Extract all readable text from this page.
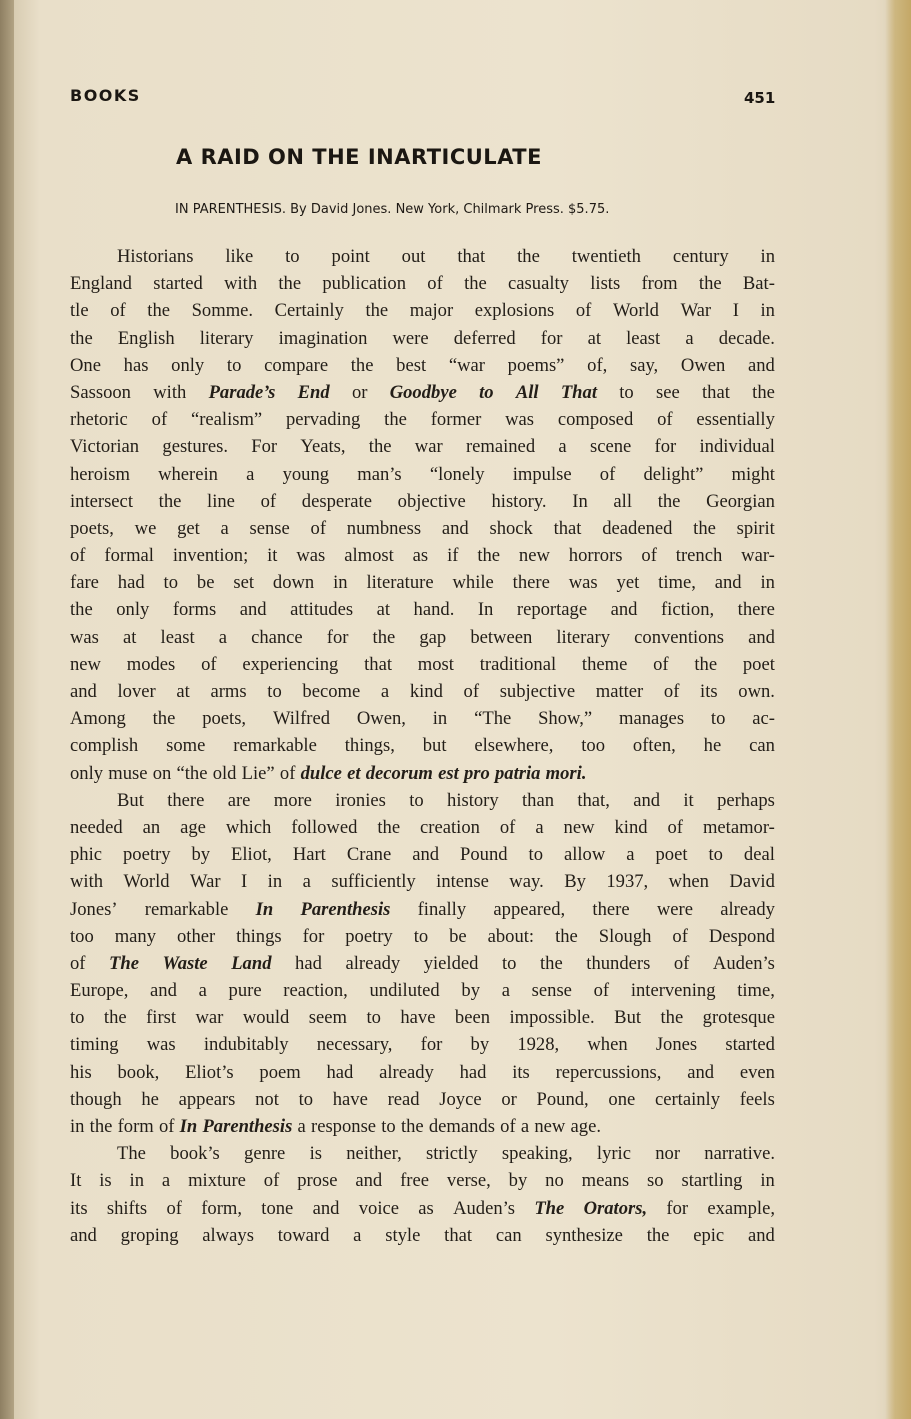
BOOKS	451
A RAID ON THE INARTICULATE
IN PARENTHESIS. By David Jones. New York, Chilmark Press. $5.75.
Historians like to point out that the twentieth century in
England started with the publication of the casualty lists from the Bat-
tle of the Somme. Certainly the major explosions of World War I in
the English literary imagination were deferred for at least a decade.
One has only to compare the best “war poems” of, say, Owen and
Sassoon with Parade’s End or Goodbye to All That to see that the
rhetoric of “realism” pervading the former was composed of essentially
Victorian gestures. For Yeats, the war remained a scene for individual
heroism wherein a young man’s “lonely impulse of delight” might
intersect the line of desperate objective history. In all the Georgian
poets, we get a sense of numbness and shock that deadened the spirit
of formal invention; it was almost as if the new horrors of trench war-
fare had to be set down in literature while there was yet time, and in
the only forms and attitudes at hand. In reportage and fiction, there
was at least a chance for the gap between literary conventions and
new modes of experiencing that most traditional theme of the poet
and lover at arms to become a kind of subjective matter of its own.
Among the poets, Wilfred Owen, in “The Show,” manages to ac-
complish some remarkable things, but elsewhere, too often, he can
only muse on “the old Lie” of dulce et decorum est pro patria mori.
But there are more ironies to history than that, and it perhaps
needed an age which followed the creation of a new kind of metamor-
phic poetry by Eliot, Hart Crane and Pound to allow a poet to deal
with World War I in a sufficiently intense way. By 1937, when David
Jones’ remarkable In Parenthesis finally appeared, there were already
too many other things for poetry to be about: the Slough of Despond
of The Waste Land had already yielded to the thunders of Auden’s
Europe, and a pure reaction, undiluted by a sense of intervening time,
to the first war would seem to have been impossible. But the grotesque
timing was indubitably necessary, for by 1928, when Jones started
his book, Eliot’s poem had already had its repercussions, and even
though he appears not to have read Joyce or Pound, one certainly feels
in the form of In Parenthesis a response to the demands of a new age.
The book’s genre is neither, strictly speaking, lyric nor narrative.
It is in a mixture of prose and free verse, by no means so startling in
its shifts of form, tone and voice as Auden’s The Orators, for example,
and groping always toward a style that can synthesize the epic and
